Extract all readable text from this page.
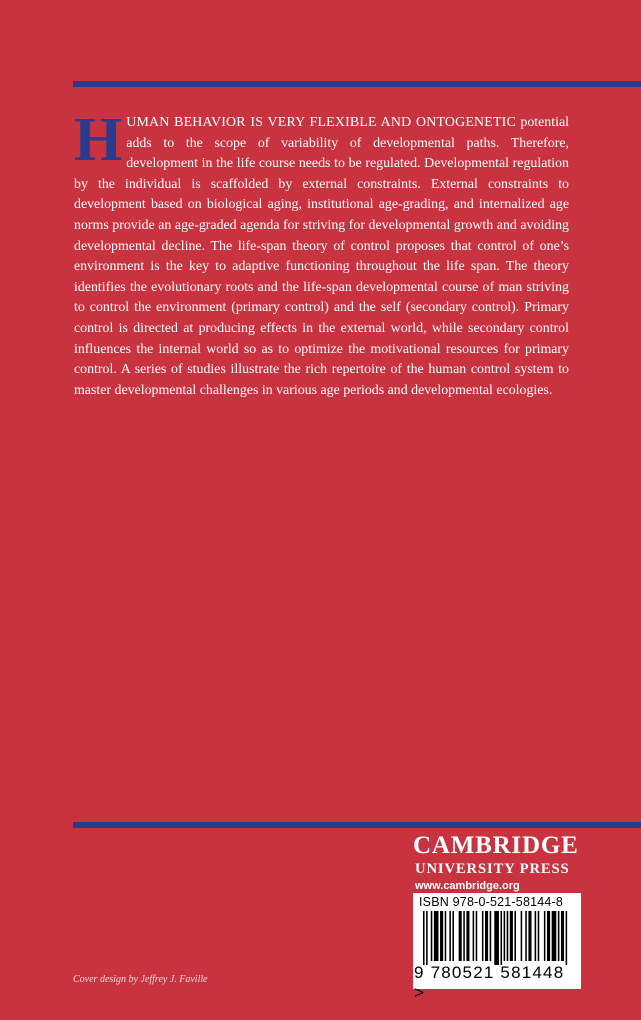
HUMAN BEHAVIOR IS VERY FLEXIBLE AND ONTOGENETIC potential adds to the scope of variability of developmental paths. Therefore, development in the life course needs to be regulated. Developmental regulation by the individual is scaffolded by external constraints. External constraints to development based on biological aging, institutional age-grading, and internalized age norms provide an age-graded agenda for striving for developmental growth and avoiding developmental decline. The life-span theory of control proposes that control of one’s environment is the key to adaptive functioning throughout the life span. The theory identifies the evolutionary roots and the life-span developmental course of man striving to control the environment (primary control) and the self (secondary control). Primary control is directed at producing effects in the external world, while secondary control influences the internal world so as to optimize the motivational resources for primary control. A series of studies illustrate the rich repertoire of the human control system to master developmental challenges in various age periods and developmental ecologies.

CAMBRIDGE
UNIVERSITY PRESS
www.cambridge.org
ISBN 978-0-521-58144-8
9 780521 581448 >
Cover design by Jeffrey J. Faville
